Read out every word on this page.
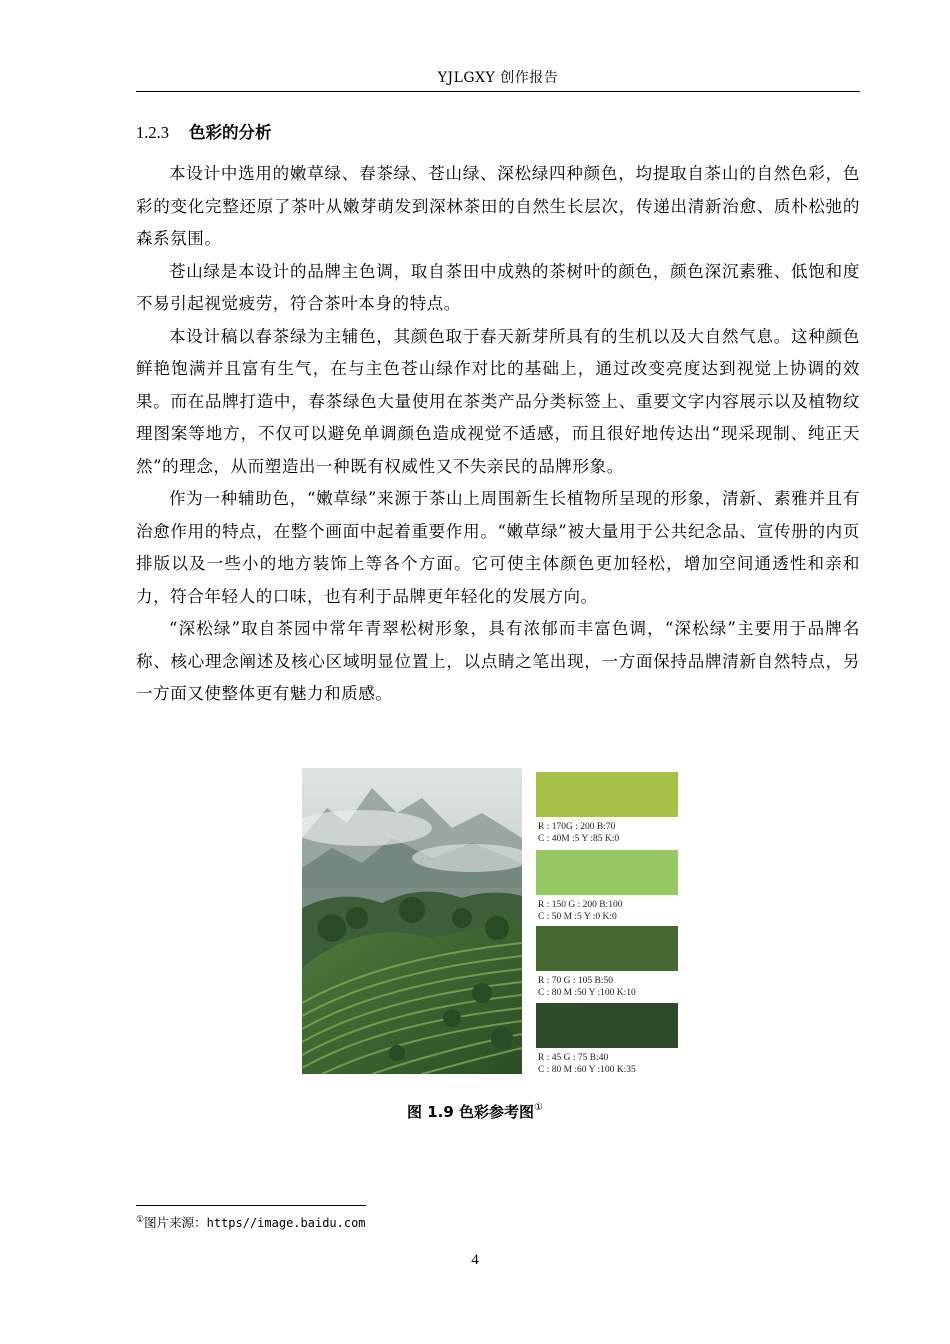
YJLGXY 创作报告
1.2.3 色彩的分析

本设计中选用的嫩草绿、春茶绿、苍山绿、深松绿四种颜色，均提取自茶山的自然色彩，色彩的变化完整还原了茶叶从嫩芽萌发到深林茶田的自然生长层次，传递出清新治愈、质朴松弛的森系氛围。

苍山绿是本设计的品牌主色调，取自茶田中成熟的茶树叶的颜色，颜色深沉素雅、低饱和度不易引起视觉疲劳，符合茶叶本身的特点。

本设计稿以春茶绿为主辅色，其颜色取于春天新芽所具有的生机以及大自然气息。这种颜色鲜艳饱满并且富有生气，在与主色苍山绿作对比的基础上，通过改变亮度达到视觉上协调的效果。而在品牌打造中，春茶绿色大量使用在茶类产品分类标签上、重要文字内容展示以及植物纹理图案等地方，不仅可以避免单调颜色造成视觉不适感，而且很好地传达出“现采现制、纯正天然”的理念，从而塑造出一种既有权威性又不失亲民的品牌形象。

作为一种辅助色，“嫩草绿”来源于茶山上周围新生长植物所呈现的形象，清新、素雅并且有治愈作用的特点，在整个画面中起着重要作用。“嫩草绿”被大量用于公共纪念品、宣传册的内页排版以及一些小的地方装饰上等各个方面。它可使主体颜色更加轻松，增加空间通透性和亲和力，符合年轻人的口味，也有利于品牌更年轻化的发展方向。

“深松绿”取自茶园中常年青翠松树形象，具有浓郁而丰富色调，“深松绿”主要用于品牌名称、核心理念阐述及核心区域明显位置上，以点睛之笔出现，一方面保持品牌清新自然特点，另一方面又使整体更有魅力和质感。

R : 170G : 200 B:70
C : 40M :5 Y :85 K:0
R : 150 G : 200 B:100
C : 50 M :5 Y :0 K:0
R : 70 G : 105 B:50
C : 80 M :50 Y :100 K:10
R : 45 G : 75 B:40
C : 80 M :60 Y :100 K:35
图 1.9 色彩参考图①
①图片来源：https//image.baidu.com
4
